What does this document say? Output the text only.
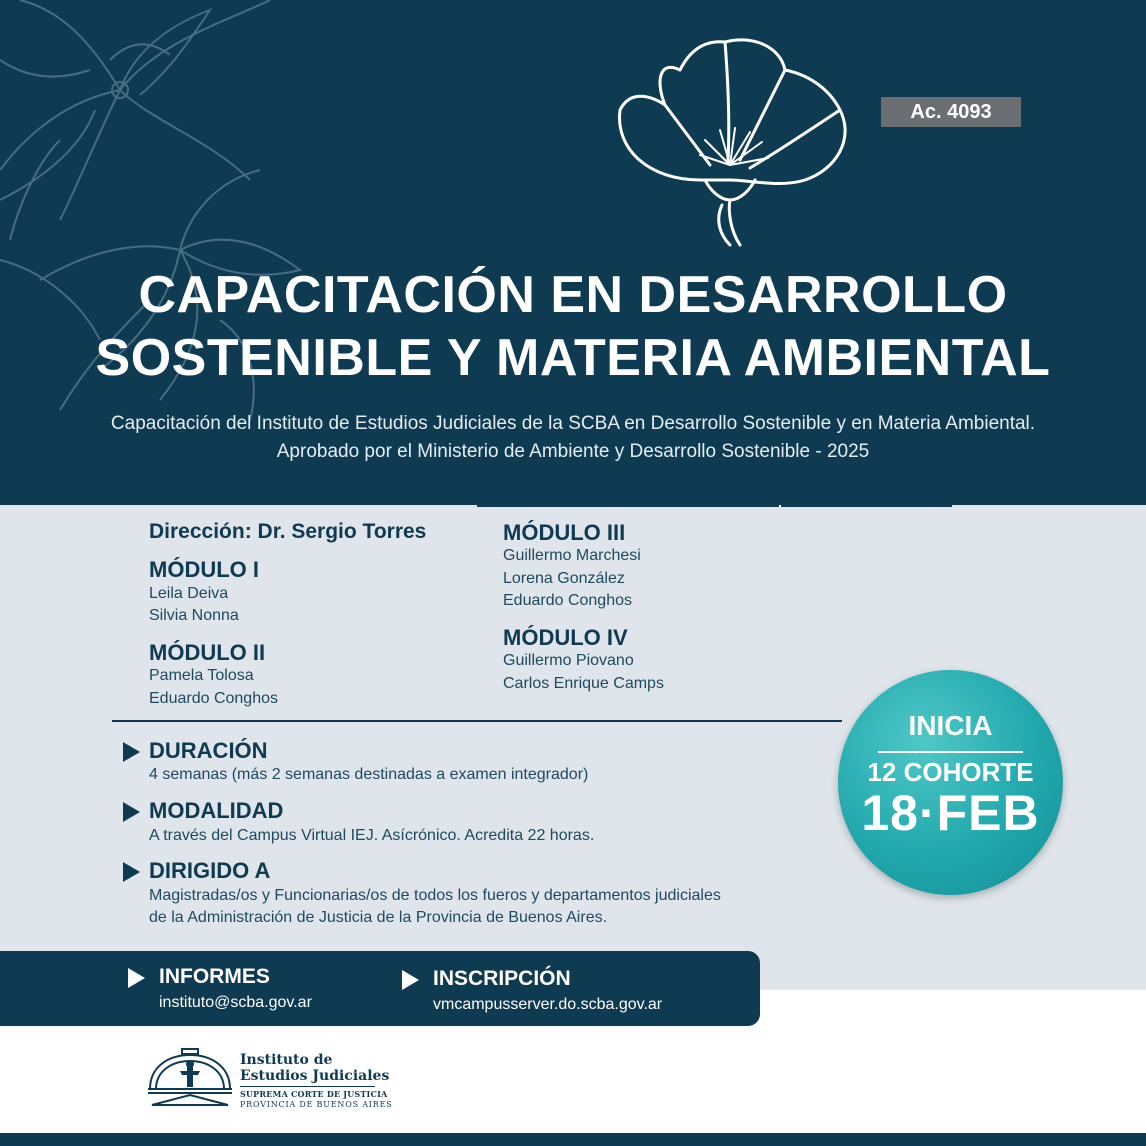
Ac. 4093
CAPACITACIÓN EN DESARROLLO
SOSTENIBLE Y MATERIA AMBIENTAL
Capacitación del Instituto de Estudios Judiciales de la SCBA en Desarrollo Sostenible y en Materia Ambiental.
Aprobado por el Ministerio de Ambiente y Desarrollo Sostenible - 2025
Dirección: Dr. Sergio Torres
MÓDULO I
Leila Deiva
Silvia Nonna
MÓDULO II
Pamela Tolosa
Eduardo Conghos
MÓDULO III
Guillermo Marchesi
Lorena González
Eduardo Conghos
MÓDULO IV
Guillermo Piovano
Carlos Enrique Camps
DURACIÓN
4 semanas (más 2 semanas destinadas a examen integrador)
MODALIDAD
A través del Campus Virtual IEJ. Asícrónico. Acredita 22 horas.
DIRIGIDO A
Magistradas/os y Funcionarias/os de todos los fueros y departamentos judiciales
de la Administración de Justicia de la Provincia de Buenos Aires.
INICIA
12 COHORTE
18·FEB
INFORMES
instituto@scba.gov.ar
INSCRIPCIÓN
vmcampusserver.do.scba.gov.ar
Instituto de
Estudios Judiciales
SUPREMA CORTE DE JUSTICIA
PROVINCIA DE BUENOS AIRES
